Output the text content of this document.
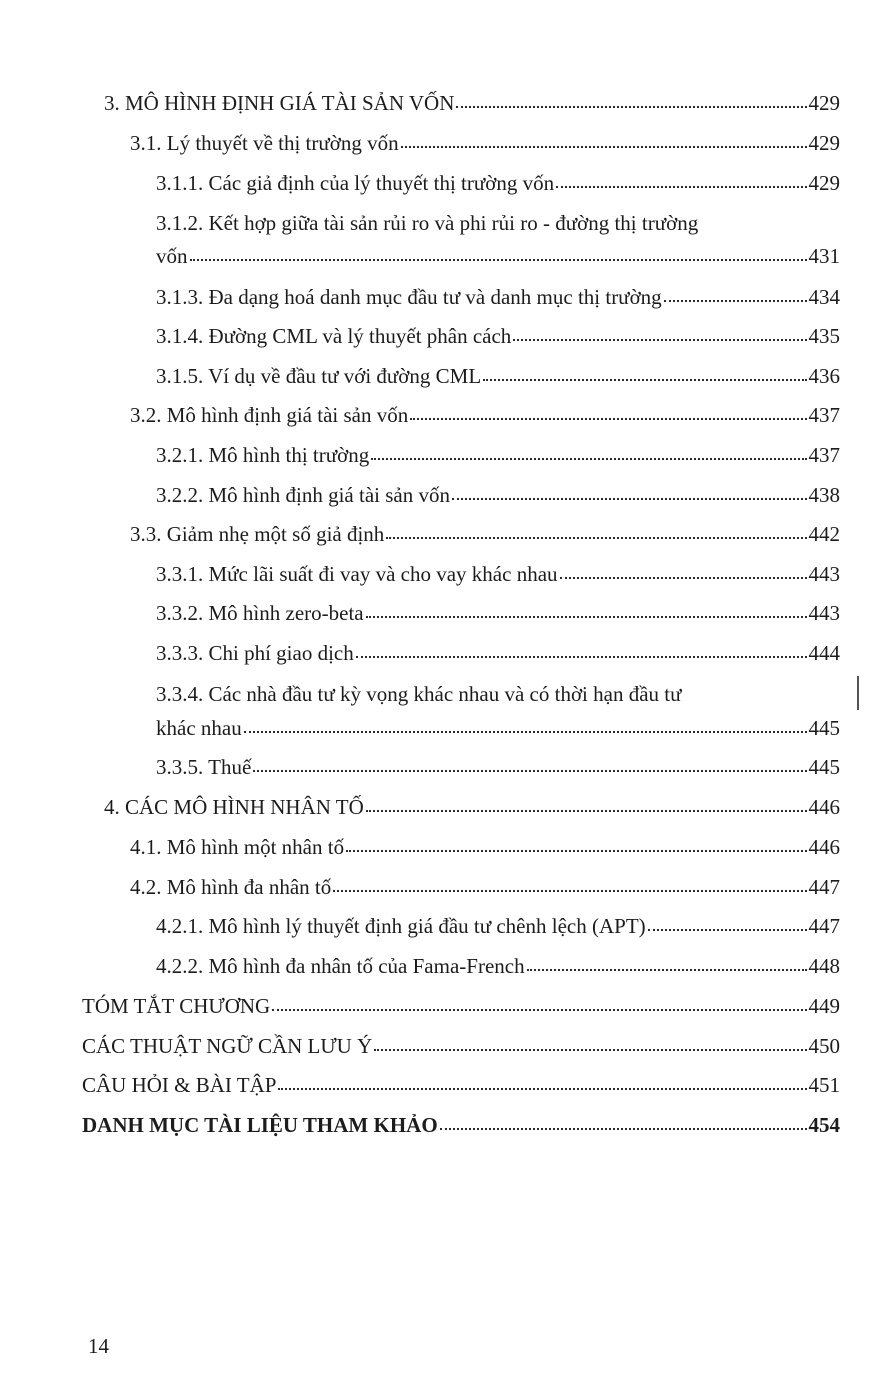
3. MÔ HÌNH ĐỊNH GIÁ TÀI SẢN VỐN	429
3.1. Lý thuyết về thị trường vốn	429
3.1.1. Các giả định của lý thuyết thị trường vốn	429
3.1.2. Kết hợp giữa tài sản rủi ro và phi rủi ro - đường thị trường
vốn	431
3.1.3. Đa dạng hoá danh mục đầu tư và danh mục thị trường	434
3.1.4. Đường CML và lý thuyết phân cách	435
3.1.5. Ví dụ về đầu tư với đường CML	436
3.2. Mô hình định giá tài sản vốn	437
3.2.1. Mô hình thị trường	437
3.2.2. Mô hình định giá tài sản vốn	438
3.3. Giảm nhẹ một số giả định	442
3.3.1. Mức lãi suất đi vay và cho vay khác nhau	443
3.3.2. Mô hình zero-beta	443
3.3.3. Chi phí giao dịch	444
3.3.4. Các nhà đầu tư kỳ vọng khác nhau và có thời hạn đầu tư
khác nhau	445
3.3.5. Thuế	445
4. CÁC MÔ HÌNH NHÂN TỐ	446
4.1. Mô hình một nhân tố	446
4.2. Mô hình đa nhân tố	447
4.2.1. Mô hình lý thuyết định giá đầu tư chênh lệch (APT)	447
4.2.2. Mô hình đa nhân tố của Fama-French	448
TÓM TẮT CHƯƠNG	449
CÁC THUẬT NGỮ CẦN LƯU Ý	450
CÂU HỎI & BÀI TẬP	451
DANH MỤC TÀI LIỆU THAM KHẢO	454
14
